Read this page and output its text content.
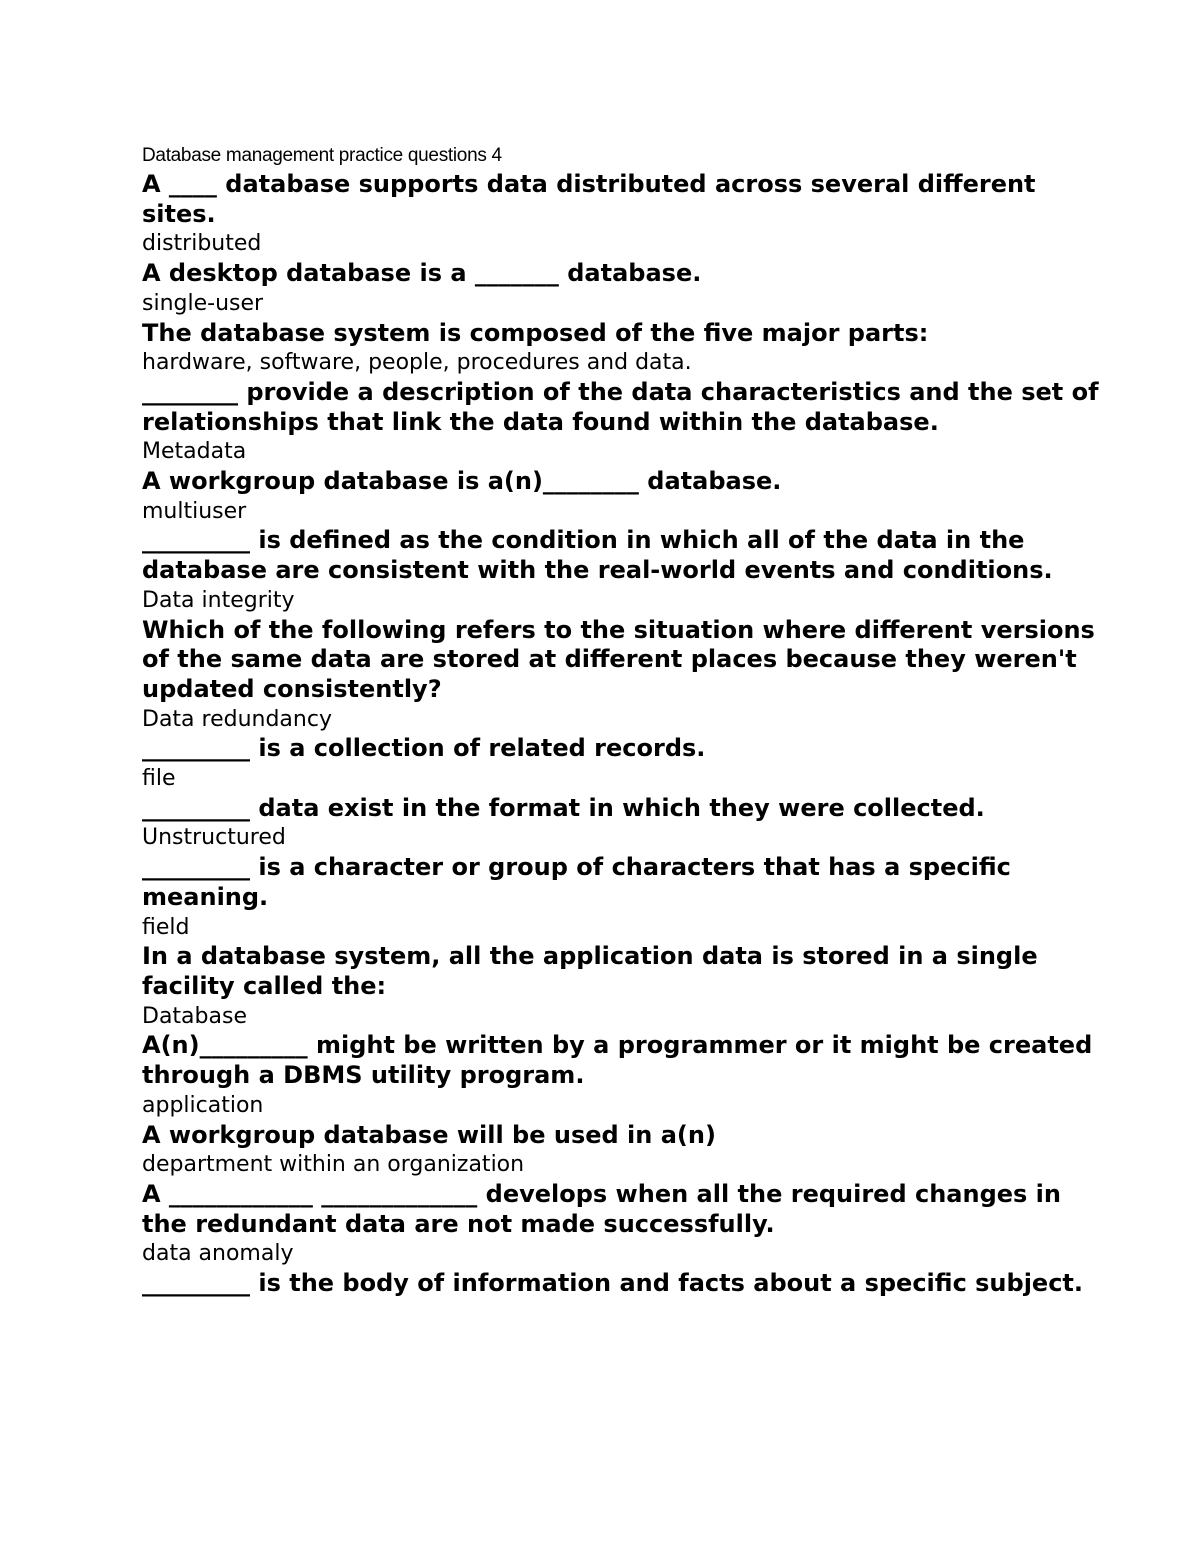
Database management practice questions 4

A ____ database supports data distributed across several different sites.

distributed

A desktop database is a _______ database.

single-user

The database system is composed of the five major parts:

hardware, software, people, procedures and data.

________ provide a description of the data characteristics and the set of relationships that link the data found within the database.

Metadata

A workgroup database is a(n)________ database.

multiuser

_________ is defined as the condition in which all of the data in the database are consistent with the real-world events and conditions.

Data integrity

Which of the following refers to the situation where different versions of the same data are stored at different places because they weren't updated consistently?

Data redundancy

_________ is a collection of related records.

file

_________ data exist in the format in which they were collected.

Unstructured

_________ is a character or group of characters that has a specific meaning.

field

In a database system, all the application data is stored in a single facility called the:

Database

A(n)_________ might be written by a programmer or it might be created through a DBMS utility program.

application

A workgroup database will be used in a(n)

department within an organization

A ____________ _____________ develops when all the required changes in the redundant data are not made successfully.

data anomaly

_________ is the body of information and facts about a specific subject.
